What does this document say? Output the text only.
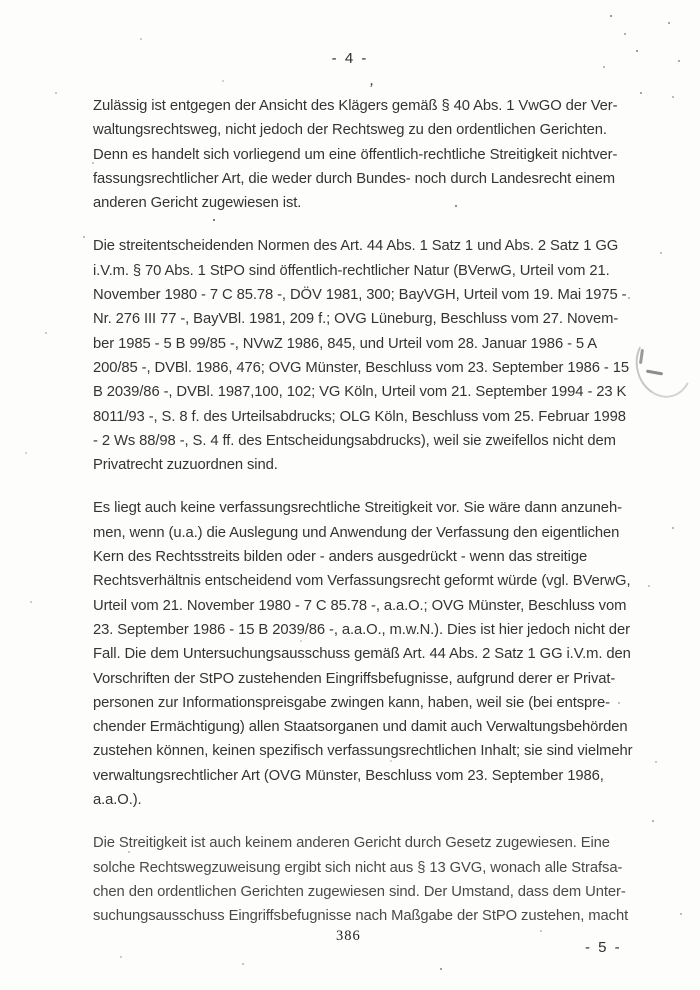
- 4 -
,

Zulässig ist entgegen der Ansicht des Klägers gemäß § 40 Abs. 1 VwGO der Ver-
waltungsrechtsweg, nicht jedoch der Rechtsweg zu den ordentlichen Gerichten.
Denn es handelt sich vorliegend um eine öffentlich-rechtliche Streitigkeit nichtver-
fassungsrechtlicher Art, die weder durch Bundes- noch durch Landesrecht einem
anderen Gericht zugewiesen ist.

Die streitentscheidenden Normen des Art. 44 Abs. 1 Satz 1 und Abs. 2 Satz 1 GG
i.V.m. § 70 Abs. 1 StPO sind öffentlich-rechtlicher Natur (BVerwG, Urteil vom 21.
November 1980 - 7 C 85.78 -, DÖV 1981, 300; BayVGH, Urteil vom 19. Mai 1975 -
Nr. 276 III 77 -, BayVBl. 1981, 209 f.; OVG Lüneburg, Beschluss vom 27. Novem-
ber 1985 - 5 B 99/85 -, NVwZ 1986, 845, und Urteil vom 28. Januar 1986 - 5 A
200/85 -, DVBl. 1986, 476; OVG Münster, Beschluss vom 23. September 1986 - 15
B 2039/86 -, DVBl. 1987,100, 102; VG Köln, Urteil vom 21. September 1994 - 23 K
8011/93 -, S. 8 f. des Urteilsabdrucks; OLG Köln, Beschluss vom 25. Februar 1998
- 2 Ws 88/98 -, S. 4 ff. des Entscheidungsabdrucks), weil sie zweifellos nicht dem
Privatrecht zuzuordnen sind.

Es liegt auch keine verfassungsrechtliche Streitigkeit vor. Sie wäre dann anzuneh-
men, wenn (u.a.) die Auslegung und Anwendung der Verfassung den eigentlichen
Kern des Rechtsstreits bilden oder - anders ausgedrückt - wenn das streitige
Rechtsverhältnis entscheidend vom Verfassungsrecht geformt würde (vgl. BVerwG,
Urteil vom 21. November 1980 - 7 C 85.78 -, a.a.O.; OVG Münster, Beschluss vom
23. September 1986 - 15 B 2039/86 -, a.a.O., m.w.N.). Dies ist hier jedoch nicht der
Fall. Die dem Untersuchungsausschuss gemäß Art. 44 Abs. 2 Satz 1 GG i.V.m. den
Vorschriften der StPO zustehenden Eingriffsbefugnisse, aufgrund derer er Privat-
personen zur Informationspreisgabe zwingen kann, haben, weil sie (bei entspre-
chender Ermächtigung) allen Staatsorganen und damit auch Verwaltungsbehörden
zustehen können, keinen spezifisch verfassungsrechtlichen Inhalt; sie sind vielmehr
verwaltungsrechtlicher Art (OVG Münster, Beschluss vom 23. September 1986,
a.a.O.).

Die Streitigkeit ist auch keinem anderen Gericht durch Gesetz zugewiesen. Eine
solche Rechtswegzuweisung ergibt sich nicht aus § 13 GVG, wonach alle Strafsa-
chen den ordentlichen Gerichten zugewiesen sind. Der Umstand, dass dem Unter-
suchungsausschuss Eingriffsbefugnisse nach Maßgabe der StPO zustehen, macht

386
- 5 -
